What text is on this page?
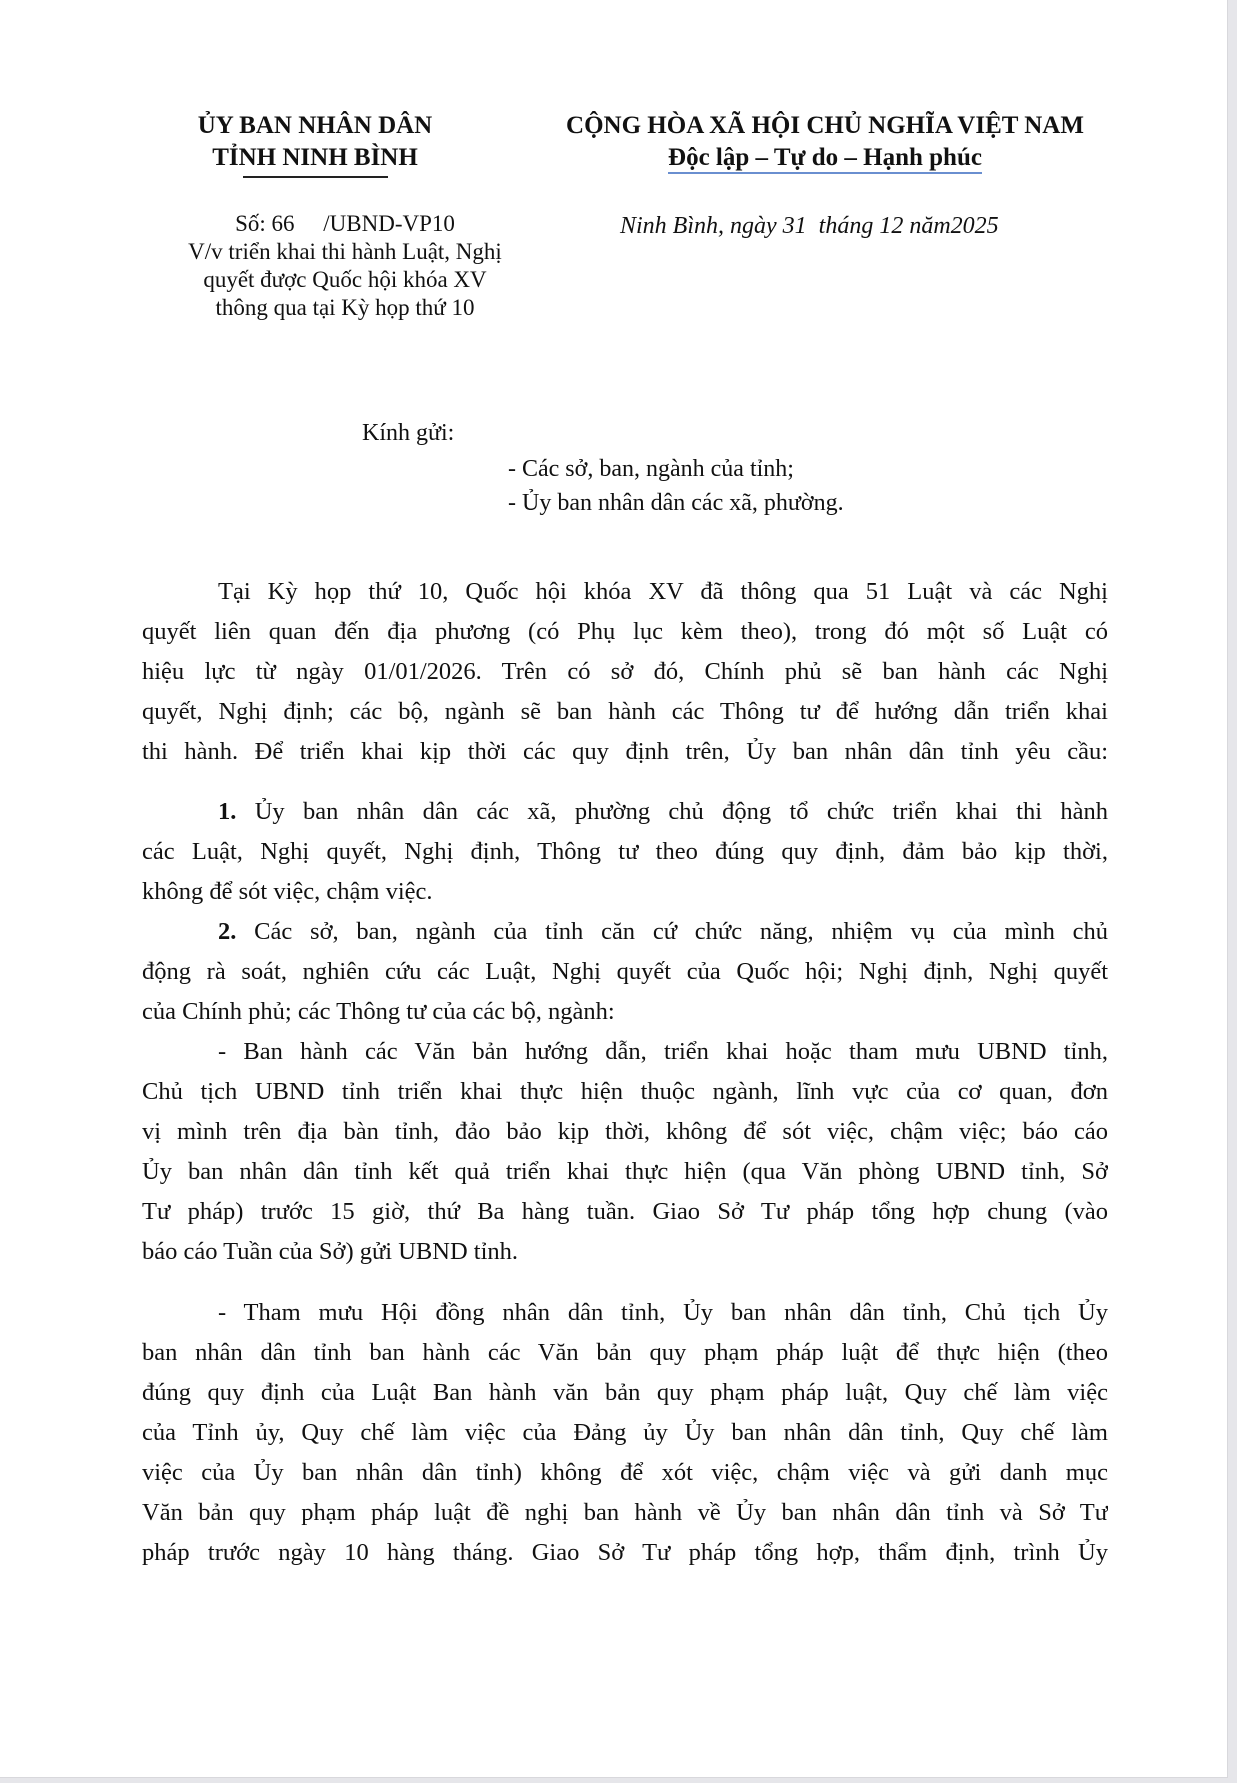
ỦY BAN NHÂN DÂN
TỈNH NINH BÌNH
CỘNG HÒA XÃ HỘI CHỦ NGHĨA VIỆT NAM
Độc lập – Tự do – Hạnh phúc
Số: 66     /UBND-VP10
V/v triển khai thi hành Luật, Nghị
quyết được Quốc hội khóa XV
thông qua tại Kỳ họp thứ 10
Ninh Bình, ngày 31  tháng 12 năm2025
Kính gửi:
- Các sở, ban, ngành của tỉnh;
- Ủy ban nhân dân các xã, phường.
Tại Kỳ họp thứ 10, Quốc hội khóa XV đã thông qua 51 Luật và các Nghị
quyết liên quan đến địa phương (có Phụ lục kèm theo), trong đó một số Luật có
hiệu lực từ ngày 01/01/2026. Trên có sở đó, Chính phủ sẽ ban hành các Nghị
quyết, Nghị định; các bộ, ngành sẽ ban hành các Thông tư để hướng dẫn triển khai
thi hành. Để triển khai kịp thời các quy định trên, Ủy ban nhân dân tỉnh yêu cầu:
1. Ủy ban nhân dân các xã, phường chủ động tổ chức triển khai thi hành
các Luật, Nghị quyết, Nghị định, Thông tư theo đúng quy định, đảm bảo kịp thời,
không để sót việc, chậm việc.
2. Các sở, ban, ngành của tỉnh căn cứ chức năng, nhiệm vụ của mình chủ
động rà soát, nghiên cứu các Luật, Nghị quyết của Quốc hội; Nghị định, Nghị quyết
của Chính phủ; các Thông tư của các bộ, ngành:
- Ban hành các Văn bản hướng dẫn, triển khai hoặc tham mưu UBND tỉnh,
Chủ tịch UBND tỉnh triển khai thực hiện thuộc ngành, lĩnh vực của cơ quan, đơn
vị mình trên địa bàn tỉnh, đảo bảo kịp thời, không để sót việc, chậm việc; báo cáo
Ủy ban nhân dân tỉnh kết quả triển khai thực hiện (qua Văn phòng UBND tỉnh, Sở
Tư pháp) trước 15 giờ, thứ Ba hàng tuần. Giao Sở Tư pháp tổng hợp chung (vào
báo cáo Tuần của Sở) gửi UBND tỉnh.
- Tham mưu Hội đồng nhân dân tỉnh, Ủy ban nhân dân tỉnh, Chủ tịch Ủy
ban nhân dân tỉnh ban hành các Văn bản quy phạm pháp luật để thực hiện (theo
đúng quy định của Luật Ban hành văn bản quy phạm pháp luật, Quy chế làm việc
của Tỉnh ủy, Quy chế làm việc của Đảng ủy Ủy ban nhân dân tỉnh, Quy chế làm
việc của Ủy ban nhân dân tỉnh) không để xót việc, chậm việc và gửi danh mục
Văn bản quy phạm pháp luật đề nghị ban hành về Ủy ban nhân dân tỉnh và Sở Tư
pháp trước ngày 10 hàng tháng. Giao Sở Tư pháp tổng hợp, thẩm định, trình Ủy
